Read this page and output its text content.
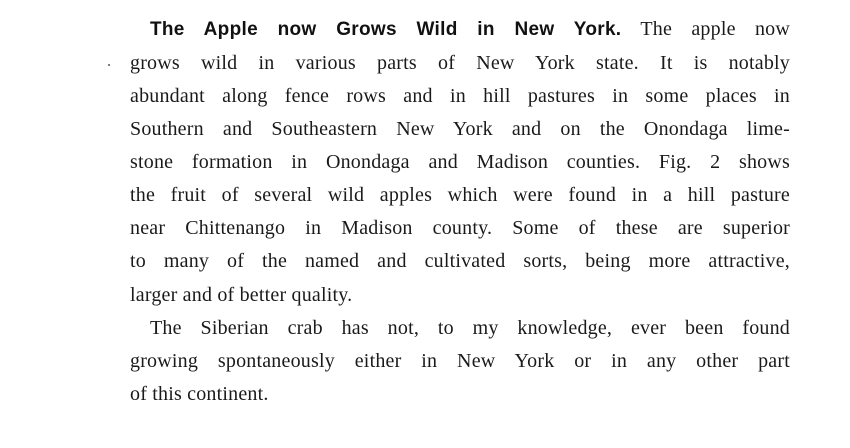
The Apple now Grows Wild in New York. The apple now

grows wild in various parts of New York state. It is notably

abundant along fence rows and in hill pastures in some places in

Southern and Southeastern New York and on the Onondaga lime-

stone formation in Onondaga and Madison counties. Fig. 2 shows

the fruit of several wild apples which were found in a hill pasture

near Chittenango in Madison county. Some of these are superior

to many of the named and cultivated sorts, being more attractive,

larger and of better quality.

The Siberian crab has not, to my knowledge, ever been found

growing spontaneously either in New York or in any other part

of this continent.
